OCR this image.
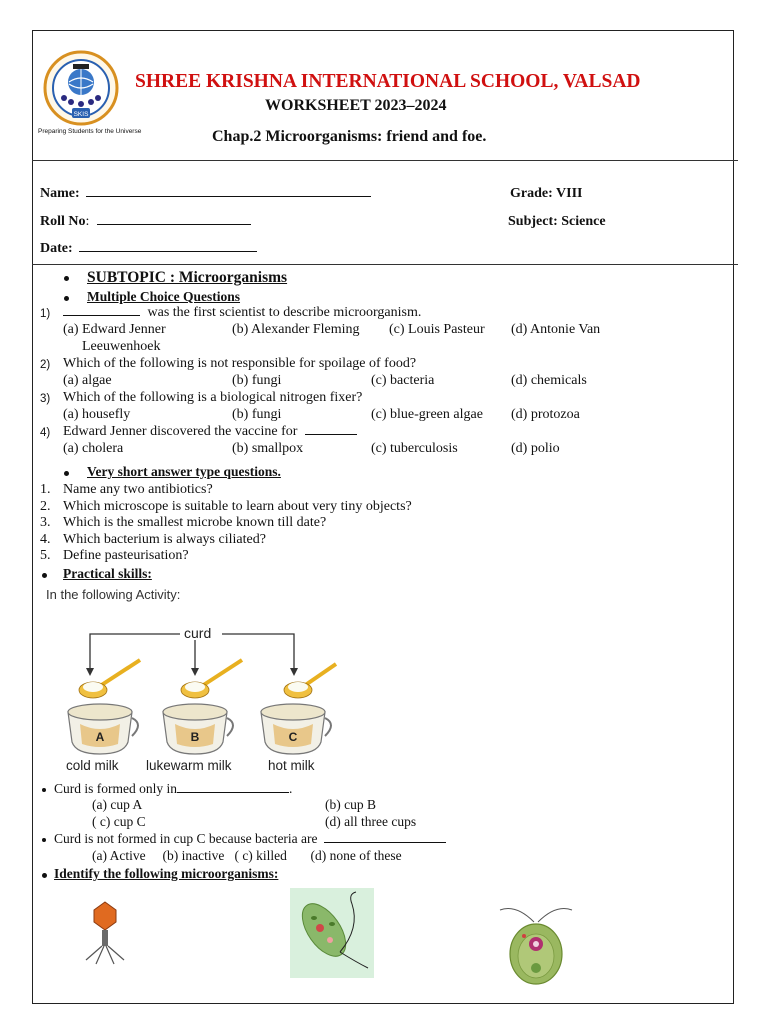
SKIS
Preparing Students for the Universe
SHREE KRISHNA INTERNATIONAL SCHOOL, VALSAD
WORKSHEET 2023–2024
Chap.2 Microorganisms: friend and foe.
Name:	Grade: VIII
Roll No:	Subject: Science
Date:
SUBTOPIC : Microorganisms
Multiple Choice Questions
1)	was the first scientist to describe microorganism.
(a) Edward Jenner	(b) Alexander Fleming (c) Louis Pasteur (d) Antonie Van
Leeuwenhoek
2) Which of the following is not responsible for spoilage of food?
(a) algae	(b) fungi	(c) bacteria	(d) chemicals
3) Which of the following is a biological nitrogen fixer?
(a) housefly	(b) fungi	(c) blue-green algae (d) protozoa
4) Edward Jenner discovered the vaccine for
(a) cholera	(b) smallpox	(c) tuberculosis	(d) polio
Very short answer type questions.
1. Name any two antibiotics?
2. Which microscope is suitable to learn about very tiny objects?
3. Which is the smallest microbe known till date?
4. Which bacterium is always ciliated?
5. Define pasteurisation?
Practical skills:
In the following Activity:
A	B	C
curd
cold milk lukewarm milk	hot milk
Curd is formed only in	.
(a) cup A	(b) cup B
( c) cup C	(d) all three cups
Curd is not formed in cup C because bacteria are
(a) Active     (b) inactive   ( c) killed       (d) none of these
Identify the following microorganisms:
